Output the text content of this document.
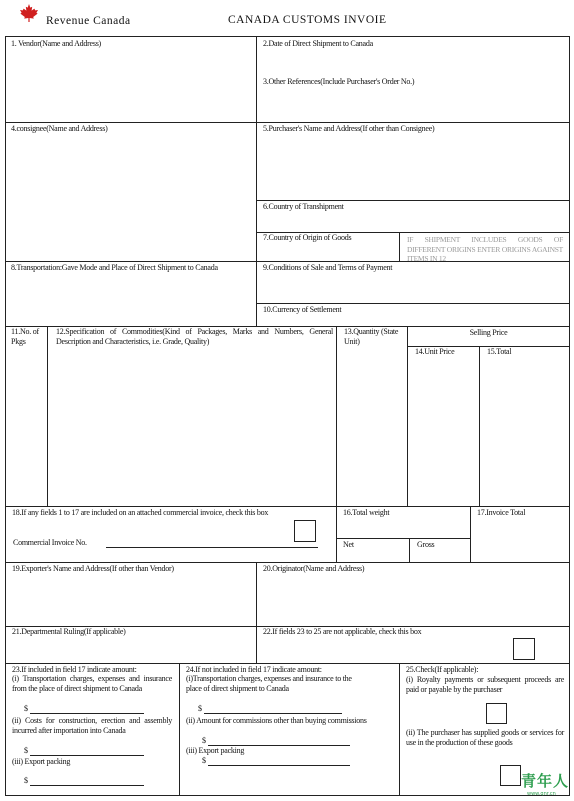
Revenue Canada	CANADA CUSTOMS INVOIE
1. Vendor(Name and Address)	2.Date of Direct Shipment to Canada
3.Other References(Include Purchaser's Order No.)
4.consignee(Name and Address)	5.Purchaser's Name and Address(If other than Consignee)
6.Country of Transhipment
7.Country of Origin of Goods	IF SHIPMENT INCLUDES GOODS OF DIFFERENT ORIGINS ENTER ORIGINS AGAINST ITEMS IN 12
8.Transportation:Gave Mode and Place of Direct Shipment to Canada	9.Conditions of Sale and Terms of Payment
10.Currency of Settlement
11.No. of Pkgs
12.Specification of Commodities(Kind of Packages, Marks and Numbers, General Description and Characteristics, i.e. Grade, Quality)
13.Quantity (State Unit)
Selling Price
14.Unit Price	15.Total
18.If any fields 1 to 17 are included on an attached commercial invoice, check this box
Commercial Invoice No.
16.Total weight
Net	Gross
17.Invoice Total
19.Exporter's Name and Address(If other than Vendor)	20.Originator(Name and Address)
21.Departmental Ruling(If applicable)	22.If fields 23 to 25 are not applicable, check this box
23.If included in field 17 indicate amount:
(i) Transportation charges, expenses and insurance from the place of direct shipment to Canada
$
(ii) Costs for construction, erection and assembly incurred after importation into Canada
$
(iii) Export packing
$
24.If not included in field 17 indicate amount:
(i)Transportation charges, expenses and insurance to the place of direct shipment to Canada
$
(ii) Amount for commissions other than buying commissions
$
(iii) Export packing
$
25.Check(If applicable):
(i) Royalty payments or subsequent proceeds are paid or payable by the purchaser
(ii) The purchaser has supplied goods or services for use in the production of these goods
青年人
www.qnr.cn
